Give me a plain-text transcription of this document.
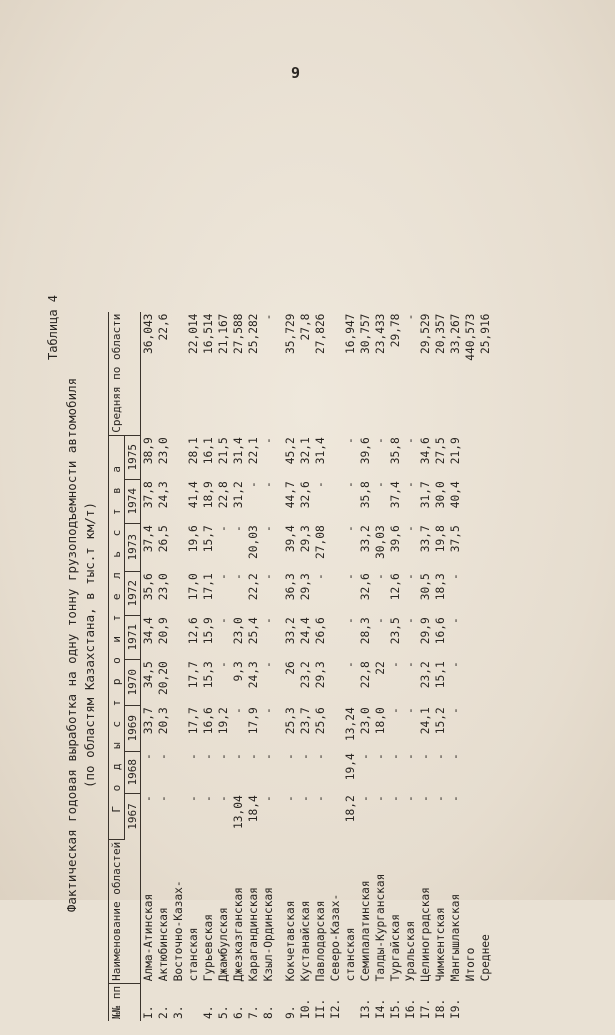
9
Таблица 4
Фактическая годовая выработка на одну тонну грузоподъемности автомобиля (по областям Казахстана, в тыс.т км/т)
№№ пп	Наименование областей	Г о д ы с т р о и т е л ь с т в а									Средняя по области
		1967	1968	1969	1970	1971	1972	1973	1974	1975	
I.	Алма-Атинская	-	-	33,7	34,5	34,4	35,6	37,4	37,8	38,9	36,043
2.	Актюбинская	-	-	20,3	20,20	20,9	23,0	26,5	24,3	23,0	22,6
3.	Восточно-Казах-										
	станская	-	-	17,7	17,7	12,6	17,0	19,6	41,4	28,1	22,014
4.	Гурьевская	-	-	16,6	15,3	15,9	17,1	15,7	18,9	16,1	16,514
5.	Джамбулская	-	-	19,2	-	-	-	-	22,8	21,5	21,167
6.	Джезказганская	13,04	-	-	9,3	23,0	-	-	31,2	31,4	27,588
7.	Карагандинская	18,4	-	17,9	24,3	25,4	22,2	20,03	-	22,1	25,282
8.	Кзыл-Ординская	-	-	-	-	-	-	-	-	-	-

9.	Кокчетавская	-	-	25,3	26	33,2	36,3	39,4	44,7	45,2	35,729
I0.	Кустанайская	-	-	23,7	23,2	24,4	29,3	29,3	32,6	32,1	27,8
II.	Павлодарская	-	-	25,6	29,3	26,6	-	27,08	-	31,4	27,826
I2.	Северо-Казах-										
	станская	18,2	19,4	13,24	-	-	-	-	-	-	16,947
I3.	Семипалатинская	-	-	23,0	22,8	28,3	32,6	33,2	35,8	39,6	30,757
I4.	Талды-Курганская	-	-	18,0	22	-	-	30,03	-	-	23,433
I5.	Тургайская	-	-	-	-	23,5	12,6	39,6	37,4	35,8	29,78
I6.	Уральская	-	-	-	-	-	-	-	-	-	-
I7.	Целиноградская	-	-	24,1	23,2	29,9	30,5	33,7	31,7	34,6	29,529
I8.	Чимкентская	-	-	15,2	15,1	16,6	18,3	19,8	30,0	27,5	20,357
I9.	Мангышлакская	-	-	-	-	-	-	37,5	40,4	21,9	33,267
	Итого										440,573
	Среднее										25,916
